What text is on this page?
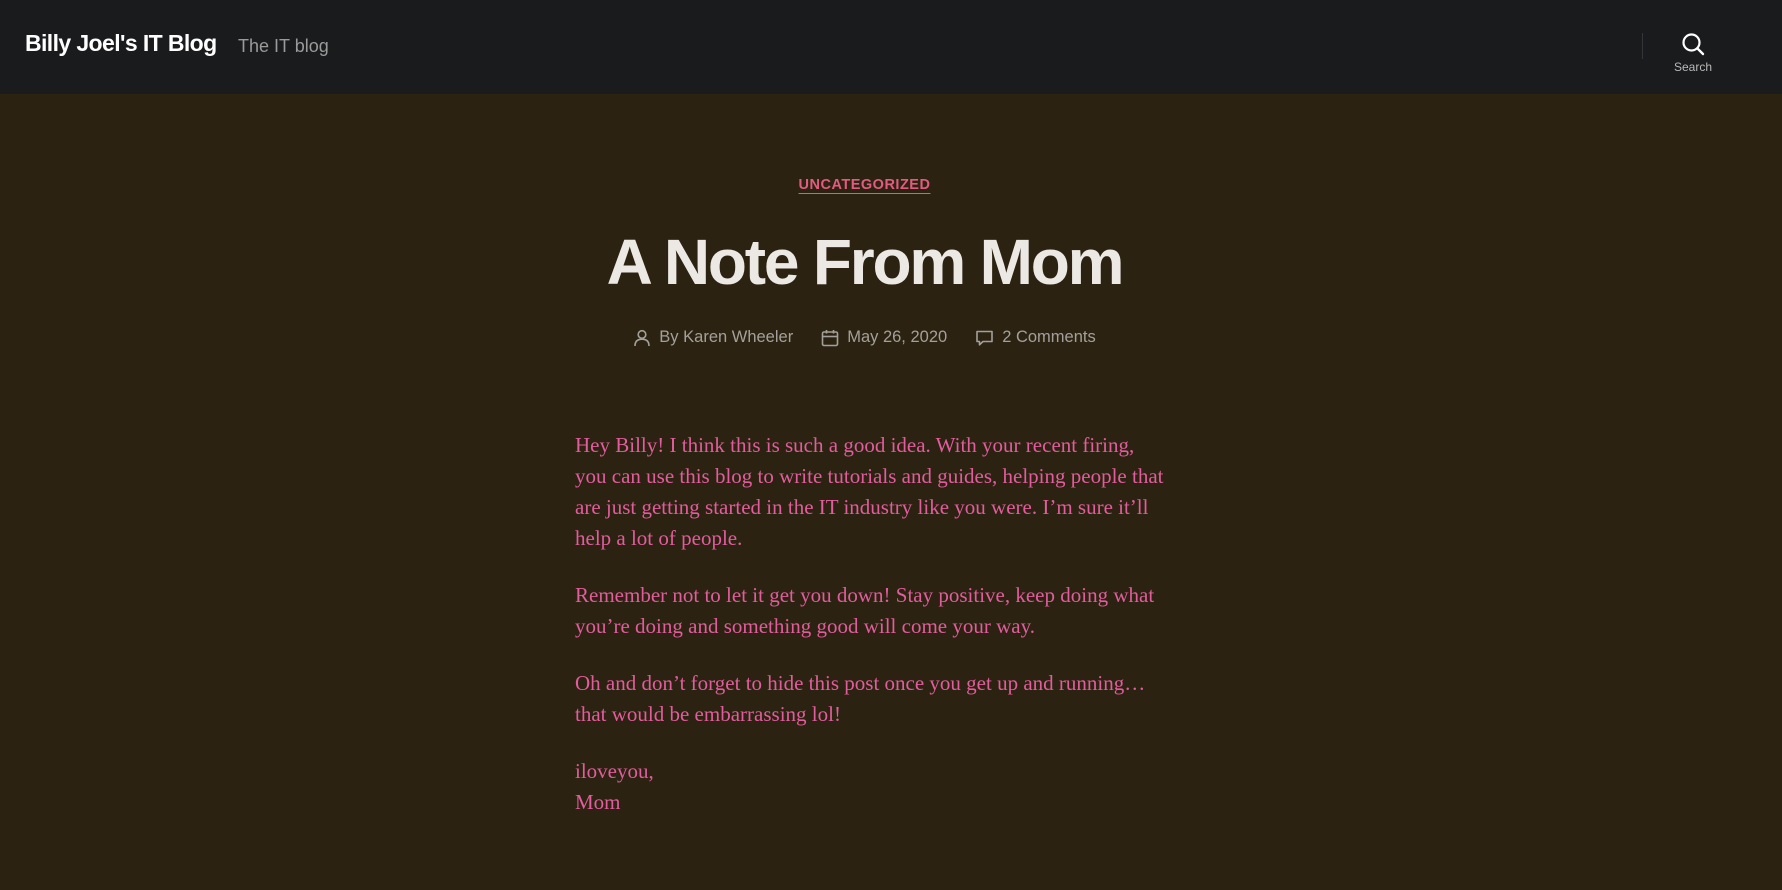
Billy Joel's IT Blog The IT blog
Search
UNCATEGORIZED
A Note From Mom
By
Karen Wheeler	May 26, 2020	2 Comments

Hey Billy! I think this is such a good idea. With your recent firing, you can use this blog to write tutorials and guides, helping people that are just getting started in the IT industry like you were. I’m sure it’ll help a lot of people.

Remember not to let it get you down! Stay positive, keep doing what you’re doing and something good will come your way.

Oh and don’t forget to hide this post once you get up and running… that would be embarrassing lol!

iloveyou,

Mom
